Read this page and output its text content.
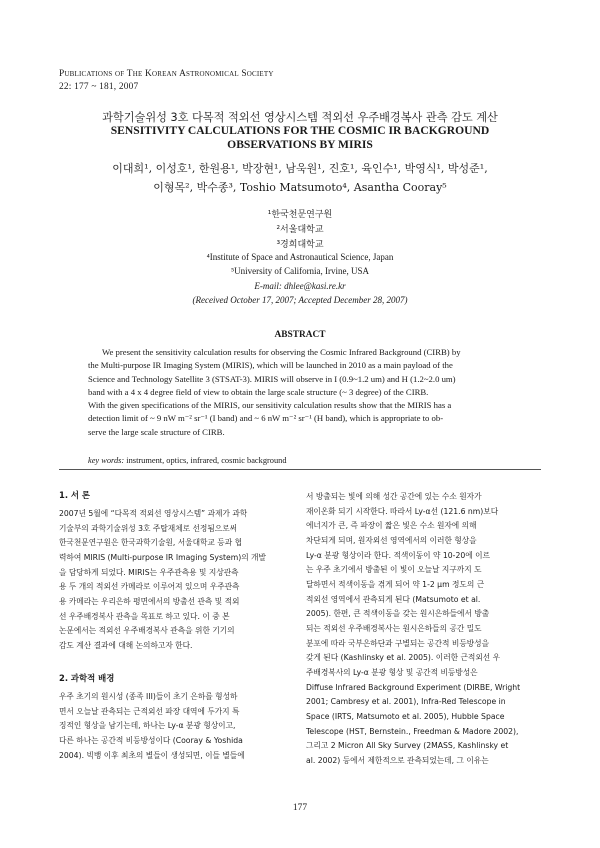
Publications of The Korean Astronomical Society
22: 177 ~ 181, 2007
과학기술위성 3호 다목적 적외선 영상시스템 적외선 우주배경복사 관측 감도 계산
SENSITIVITY CALCULATIONS FOR THE COSMIC IR BACKGROUND
OBSERVATIONS BY MIRIS
이대희¹, 이성호¹, 한원용¹, 박장현¹, 남욱원¹, 진호¹, 육인수¹, 박영식¹, 박성준¹,
이형목², 박수종³, Toshio Matsumoto⁴, Asantha Cooray⁵
¹한국천문연구원
²서울대학교
³경희대학교
⁴Institute of Space and Astronautical Science, Japan
⁵University of California, Irvine, USA
E-mail: dhlee@kasi.re.kr
(Received October 17, 2007; Accepted December 28, 2007)
ABSTRACT
We present the sensitivity calculation results for observing the Cosmic Infrared Background (CIRB) by
the Multi-purpose IR Imaging System (MIRIS), which will be launched in 2010 as a main payload of the
Science and Technology Satellite 3 (STSAT-3). MIRIS will observe in I (0.9~1.2 um) and H (1.2~2.0 um)
band with a 4 x 4 degree field of view to obtain the large scale structure (~ 3 degree) of the CIRB.
With the given specifications of the MIRIS, our sensitivity calculation results show that the MIRIS has a
detection limit of ~ 9 nW m⁻² sr⁻¹ (I band) and ~ 6 nW m⁻² sr⁻¹ (H band), which is appropriate to ob-
serve the large scale structure of CIRB.
key words: instrument, optics, infrared, cosmic background
1. 서 론
2007년 5월에 “다목적 적외선 영상시스템” 과제가 과학
기술부의 과학기술위성 3호 주탑재체로 선정됨으로써
한국천문연구원은 한국과학기술원, 서울대학교 등과 협
력하여 MIRIS (Multi-purpose IR Imaging System)의 개발
을 담당하게 되었다. MIRIS는 우주관측용 및 지상관측
용 두 개의 적외선 카메라로 이루어져 있으며 우주관측
용 카메라는 우리은하 평면에서의 방출선 관측 및 적외
선 우주배경복사 관측을 목표로 하고 있다. 이 중 본
논문에서는 적외선 우주배경복사 관측을 위한 기기의
감도 계산 결과에 대해 논의하고자 한다.
2. 과학적 배경
우주 초기의 원시성 (종족 III)들이 초기 은하를 형성하
면서 오늘날 관측되는 근적외선 파장 대역에 두가지 특
징적인 형상을 남기는데, 하나는 Ly-α 분광 형상이고,
다른 하나는 공간적 비등방성이다 (Cooray & Yoshida
2004). 빅뱅 이후 최초의 별들이 생성되면, 이들 별들에
서 방출되는 빛에 의해 성간 공간에 있는 수소 원자가
재이온화 되기 시작한다. 따라서 Ly-α선 (121.6 nm)보다
에너지가 큰, 즉 파장이 짧은 빛은 수소 원자에 의해
차단되게 되며, 원자외선 영역에서의 이러한 형상을
Ly-α 분광 형상이라 한다. 적색이동이 약 10-20에 이르
는 우주 초기에서 방출된 이 빛이 오늘날 지구까지 도
달하면서 적색이동을 겪게 되어 약 1-2 µm 정도의 근
적외선 영역에서 관측되게 된다 (Matsumoto et al.
2005). 한편, 큰 적색이동을 갖는 원시은하들에서 방출
되는 적외선 우주배경복사는 원시은하들의 공간 밀도
분포에 따라 국부은하단과 구별되는 공간적 비등방성을
갖게 된다 (Kashlinsky et al. 2005). 이러한 근적외선 우
주배경복사의 Ly-α 분광 형상 및 공간적 비등방성은
Diffuse Infrared Background Experiment (DIRBE, Wright
2001; Cambresy et al. 2001), Infra-Red Telescope in
Space (IRTS, Matsumoto et al. 2005), Hubble Space
Telescope (HST, Bernstein., Freedman & Madore 2002),
그리고 2 Micron All Sky Survey (2MASS, Kashlinsky et
al. 2002) 등에서 제한적으로 관측되었는데, 그 이유는
177
